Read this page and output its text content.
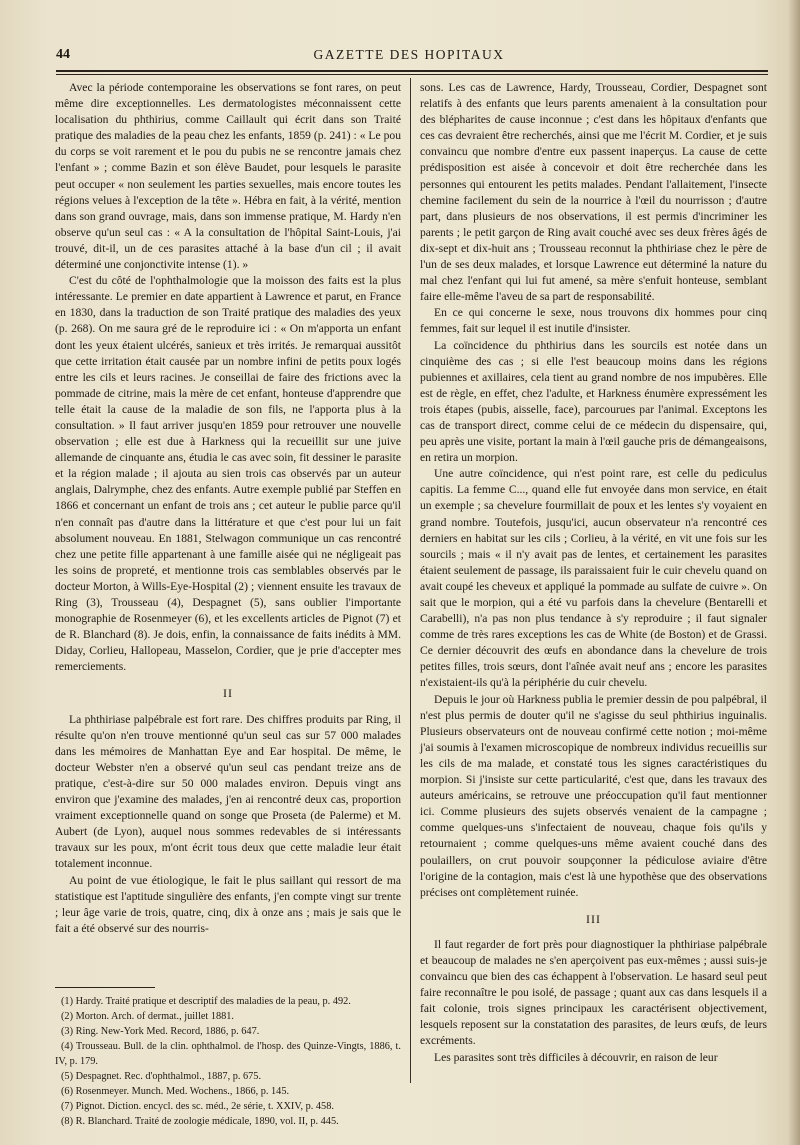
44	GAZETTE DES HOPITAUX

Avec la période contemporaine les observations se font rares, on peut même dire exceptionnelles. Les dermatologistes méconnaissent cette localisation du phthirius, comme Caillault qui écrit dans son Traité pratique des maladies de la peau chez les enfants, 1859 (p. 241) : « Le pou du corps se voit rarement et le pou du pubis ne se rencontre jamais chez l'enfant » ; comme Bazin et son élève Baudet, pour lesquels le parasite peut occuper « non seulement les parties sexuelles, mais encore toutes les régions velues à l'exception de la tête ». Hébra en fait, à la vérité, mention dans son grand ouvrage, mais, dans son immense pratique, M. Hardy n'en observe qu'un seul cas : « A la consultation de l'hôpital Saint-Louis, j'ai trouvé, dit-il, un de ces parasites attaché à la base d'un cil ; il avait déterminé une conjonctivite intense (1). »

C'est du côté de l'ophthalmologie que la moisson des faits est la plus intéressante. Le premier en date appartient à Lawrence et parut, en France en 1830, dans la traduction de son Traité pratique des maladies des yeux (p. 268). On me saura gré de le reproduire ici : « On m'apporta un enfant dont les yeux étaient ulcérés, sanieux et très irrités. Je remarquai aussitôt que cette irritation était causée par un nombre infini de petits poux logés entre les cils et leurs racines. Je conseillai de faire des frictions avec la pommade de citrine, mais la mère de cet enfant, honteuse d'apprendre que telle était la cause de la maladie de son fils, ne l'apporta plus à la consultation. » Il faut arriver jusqu'en 1859 pour retrouver une nouvelle observation ; elle est due à Harkness qui la recueillit sur une juive allemande de cinquante ans, étudia le cas avec soin, fit dessiner le parasite et la région malade ; il ajouta au sien trois cas observés par un auteur anglais, Dalrymphe, chez des enfants. Autre exemple publié par Steffen en 1866 et concernant un enfant de trois ans ; cet auteur le publie parce qu'il n'en connaît pas d'autre dans la littérature et que c'est pour lui un fait absolument nouveau. En 1881, Stelwagon communique un cas rencontré chez une petite fille appartenant à une famille aisée qui ne négligeait pas les soins de propreté, et mentionne trois cas semblables observés par le docteur Morton, à Wills-Eye-Hospital (2) ; viennent ensuite les travaux de Ring (3), Trousseau (4), Despagnet (5), sans oublier l'importante monographie de Rosenmeyer (6), et les excellents articles de Pignot (7) et de R. Blanchard (8). Je dois, enfin, la connaissance de faits inédits à MM. Diday, Corlieu, Hallopeau, Masselon, Cordier, que je prie d'accepter mes remerciements.

II

La phthiriase palpébrale est fort rare. Des chiffres produits par Ring, il résulte qu'on n'en trouve mentionné qu'un seul cas sur 57 000 malades dans les mémoires de Manhattan Eye and Ear hospital. De même, le docteur Webster n'en a observé qu'un seul cas pendant treize ans de pratique, c'est-à-dire sur 50 000 malades environ. Depuis vingt ans environ que j'examine des malades, j'en ai rencontré deux cas, proportion vraiment exceptionnelle quand on songe que Proseta (de Palerme) et M. Aubert (de Lyon), auquel nous sommes redevables de si intéressants travaux sur les poux, m'ont écrit tous deux que cette maladie leur était totalement inconnue.

Au point de vue étiologique, le fait le plus saillant qui ressort de ma statistique est l'aptitude singulière des enfants, j'en compte vingt sur trente ; leur âge varie de trois, quatre, cinq, dix à onze ans ; mais je sais que le fait a été observé sur des nourris-

(1) Hardy. Traité pratique et descriptif des maladies de la peau, p. 492.
(2) Morton. Arch. of dermat., juillet 1881.
(3) Ring. New-York Med. Record, 1886, p. 647.
(4) Trousseau. Bull. de la clin. ophthalmol. de l'hosp. des Quinze-Vingts, 1886, t. IV, p. 179.
(5) Despagnet. Rec. d'ophthalmol., 1887, p. 675.
(6) Rosenmeyer. Munch. Med. Wochens., 1866, p. 145.
(7) Pignot. Diction. encycl. des sc. méd., 2e série, t. XXIV, p. 458.
(8) R. Blanchard. Traité de zoologie médicale, 1890, vol. II, p. 445.

sons. Les cas de Lawrence, Hardy, Trousseau, Cordier, Despagnet sont relatifs à des enfants que leurs parents amenaient à la consultation pour des blépharites de cause inconnue ; c'est dans les hôpitaux d'enfants que ces cas devraient être recherchés, ainsi que me l'écrit M. Cordier, et je suis convaincu que nombre d'entre eux passent inaperçus. La cause de cette prédisposition est aisée à concevoir et doit être recherchée dans les personnes qui entourent les petits malades. Pendant l'allaitement, l'insecte chemine facilement du sein de la nourrice à l'œil du nourrisson ; d'autre part, dans plusieurs de nos observations, il est permis d'incriminer les parents ; le petit garçon de Ring avait couché avec ses deux frères âgés de dix-sept et dix-huit ans ; Trousseau reconnut la phthiriase chez le père de l'un de ses deux malades, et lorsque Lawrence eut déterminé la nature du mal chez l'enfant qui lui fut amené, sa mère s'enfuit honteuse, semblant faire elle-même l'aveu de sa part de responsabilité.

En ce qui concerne le sexe, nous trouvons dix hommes pour cinq femmes, fait sur lequel il est inutile d'insister.

La coïncidence du phthirius dans les sourcils est notée dans un cinquième des cas ; si elle l'est beaucoup moins dans les régions pubiennes et axillaires, cela tient au grand nombre de nos impubères. Elle est de règle, en effet, chez l'adulte, et Harkness énumère expressément les trois étapes (pubis, aisselle, face), parcourues par l'animal. Exceptons les cas de transport direct, comme celui de ce médecin du dispensaire, qui, peu après une visite, portant la main à l'œil gauche pris de démangeaisons, en retira un morpion.

Une autre coïncidence, qui n'est point rare, est celle du pediculus capitis. La femme C..., quand elle fut envoyée dans mon service, en était un exemple ; sa chevelure fourmillait de poux et les lentes s'y voyaient en grand nombre. Toutefois, jusqu'ici, aucun observateur n'a rencontré ces derniers en habitat sur les cils ; Corlieu, à la vérité, en vit une fois sur les sourcils ; mais « il n'y avait pas de lentes, et certainement les parasites étaient seulement de passage, ils paraissaient fuir le cuir chevelu quand on avait coupé les cheveux et appliqué la pommade au sulfate de cuivre ». On sait que le morpion, qui a été vu parfois dans la chevelure (Bentarelli et Carabelli), n'a pas non plus tendance à s'y reproduire ; il faut signaler comme de très rares exceptions les cas de White (de Boston) et de Grassi. Ce dernier découvrit des œufs en abondance dans la chevelure de trois petites filles, trois sœurs, dont l'aînée avait neuf ans ; encore les parasites n'existaient-ils qu'à la périphérie du cuir chevelu.

Depuis le jour où Harkness publia le premier dessin de pou palpébral, il n'est plus permis de douter qu'il ne s'agisse du seul phthirius inguinalis. Plusieurs observateurs ont de nouveau confirmé cette notion ; moi-même j'ai soumis à l'examen microscopique de nombreux individus recueillis sur les cils de ma malade, et constaté tous les signes caractéristiques du morpion. Si j'insiste sur cette particularité, c'est que, dans les travaux des auteurs américains, se retrouve une préoccupation qu'il faut mentionner ici. Comme plusieurs des sujets observés venaient de la campagne ; comme quelques-uns s'infectaient de nouveau, chaque fois qu'ils y retournaient ; comme quelques-uns même avaient couché dans des poulaillers, on crut pouvoir soupçonner la pédiculose aviaire d'être l'origine de la contagion, mais c'est là une hypothèse que des observations précises ont complètement ruinée.

III

Il faut regarder de fort près pour diagnostiquer la phthiriase palpébrale et beaucoup de malades ne s'en aperçoivent pas eux-mêmes ; aussi suis-je convaincu que bien des cas échappent à l'observation. Le hasard seul peut faire reconnaître le pou isolé, de passage ; quant aux cas dans lesquels il a fait colonie, trois signes principaux les caractérisent objectivement, lesquels reposent sur la constatation des parasites, de leurs œufs, de leurs excréments.

Les parasites sont très difficiles à découvrir, en raison de leur
